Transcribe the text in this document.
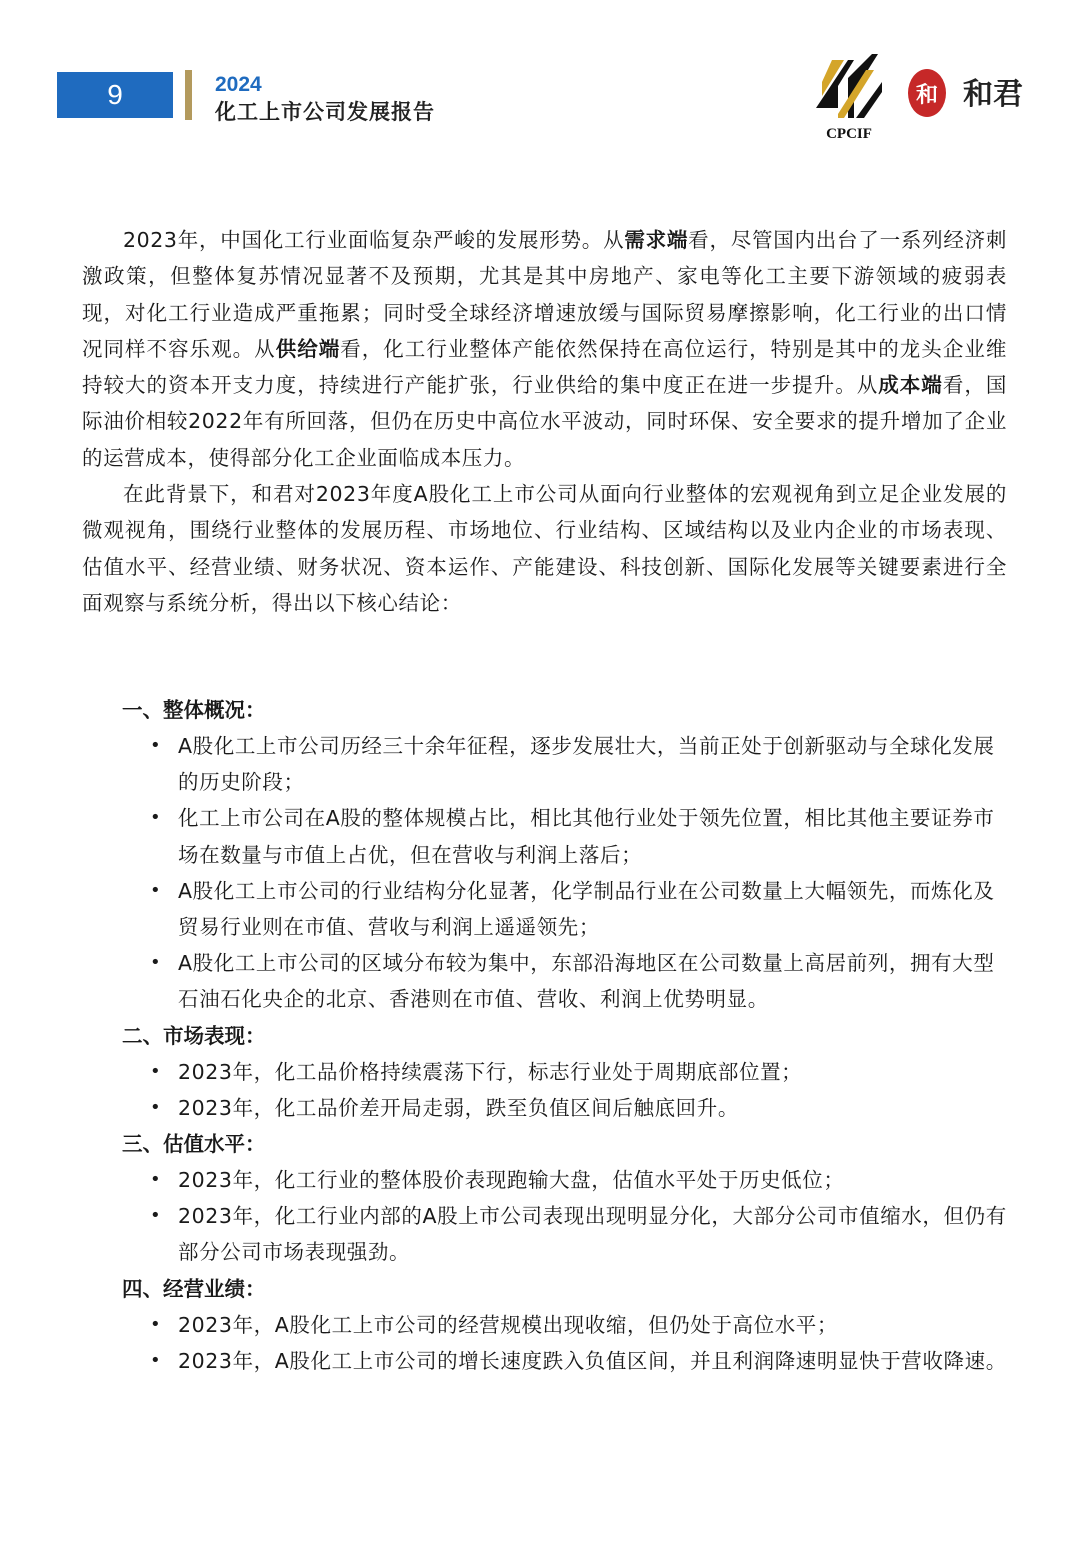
9	2024
化工上市公司发展报告
CPCIF
和 和君

2023年，中国化工行业面临复杂严峻的发展形势。从需求端看，尽管国内出台了一系列经济刺激政策，但整体复苏情况显著不及预期，尤其是其中房地产、家电等化工主要下游领域的疲弱表现，对化工行业造成严重拖累；同时受全球经济增速放缓与国际贸易摩擦影响，化工行业的出口情况同样不容乐观。从供给端看，化工行业整体产能依然保持在高位运行，特别是其中的龙头企业维持较大的资本开支力度，持续进行产能扩张，行业供给的集中度正在进一步提升。从成本端看，国际油价相较2022年有所回落，但仍在历史中高位水平波动，同时环保、安全要求的提升增加了企业的运营成本，使得部分化工企业面临成本压力。

在此背景下，和君对2023年度A股化工上市公司从面向行业整体的宏观视角到立足企业发展的微观视角，围绕行业整体的发展历程、市场地位、行业结构、区域结构以及业内企业的市场表现、估值水平、经营业绩、财务状况、资本运作、产能建设、科技创新、国际化发展等关键要素进行全面观察与系统分析，得出以下核心结论：

一、整体概况：

• A股化工上市公司历经三十余年征程，逐步发展壮大，当前正处于创新驱动与全球化发展的历史阶段；
• 化工上市公司在A股的整体规模占比，相比其他行业处于领先位置，相比其他主要证券市场在数量与市值上占优，但在营收与利润上落后；
• A股化工上市公司的行业结构分化显著，化学制品行业在公司数量上大幅领先，而炼化及贸易行业则在市值、营收与利润上遥遥领先；
• A股化工上市公司的区域分布较为集中，东部沿海地区在公司数量上高居前列，拥有大型石油石化央企的北京、香港则在市值、营收、利润上优势明显。

二、市场表现：

• 2023年，化工品价格持续震荡下行，标志行业处于周期底部位置；
• 2023年，化工品价差开局走弱，跌至负值区间后触底回升。

三、估值水平：

• 2023年，化工行业的整体股价表现跑输大盘，估值水平处于历史低位；
• 2023年，化工行业内部的A股上市公司表现出现明显分化，大部分公司市值缩水，但仍有部分公司市场表现强劲。

四、经营业绩：

• 2023年，A股化工上市公司的经营规模出现收缩，但仍处于高位水平；
• 2023年，A股化工上市公司的增长速度跌入负值区间，并且利润降速明显快于营收降速。
